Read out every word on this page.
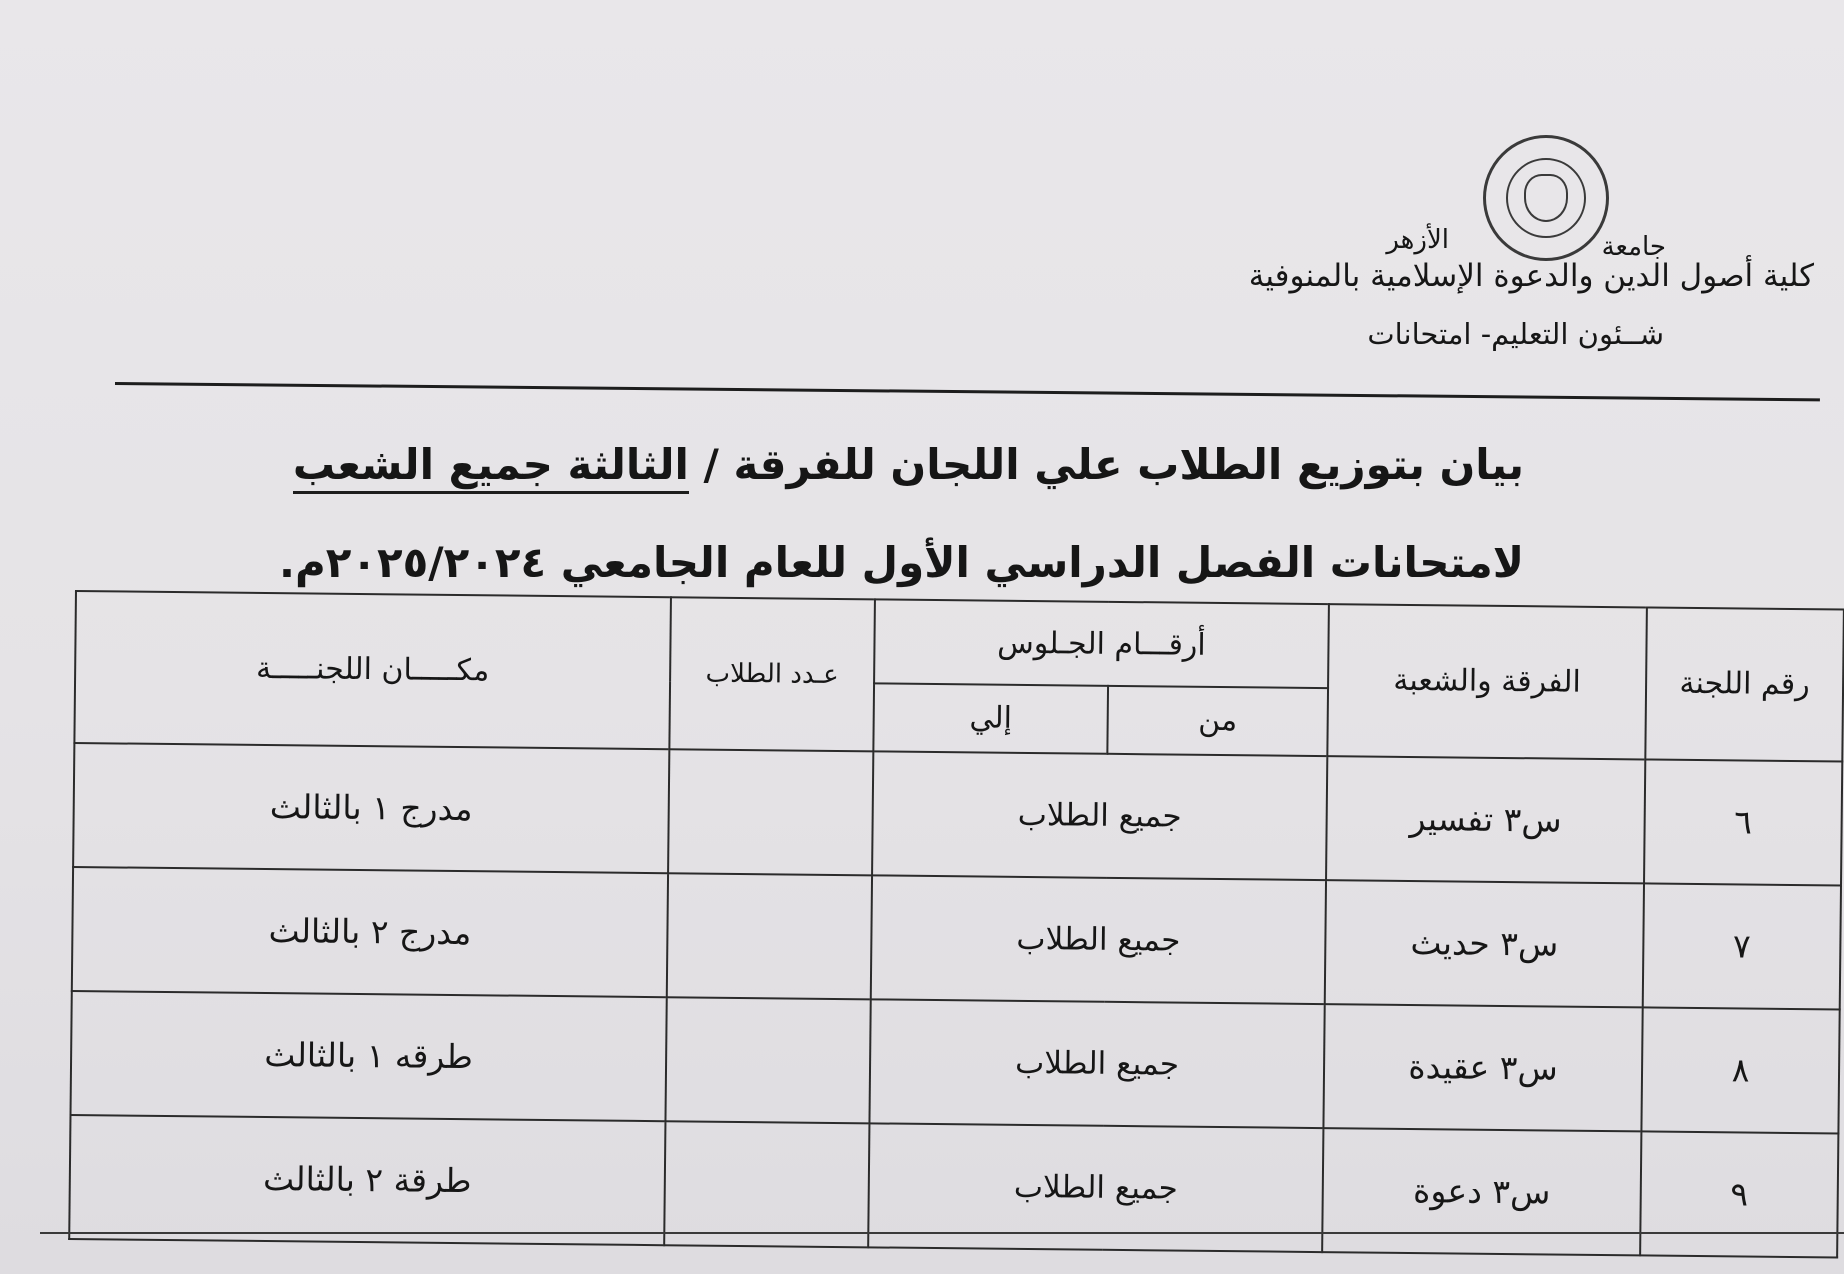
جامعة
الأزهر
كلية أصول الدين والدعوة الإسلامية بالمنوفية
شــئون التعليم- امتحانات
بيان بتوزيع الطلاب علي اللجان للفرقة / الثالثة جميع الشعب
لامتحانات الفصل الدراسي الأول للعام الجامعي ٢٠٢٥/٢٠٢٤م.
رقم اللجنة	الفرقة والشعبة	أرقـــام الجـلوس		عـدد الطلاب	مكـــــان اللجنـــــة
		من	إلي		
٦	س٣ تفسير	جميع الطلاب			مدرج ١ بالثالث
٧	س٣ حديث	جميع الطلاب			مدرج ٢ بالثالث
٨	س٣ عقيدة	جميع الطلاب			طرقه ١ بالثالث
٩	س٣ دعوة	جميع الطلاب			طرقة ٢ بالثالث
